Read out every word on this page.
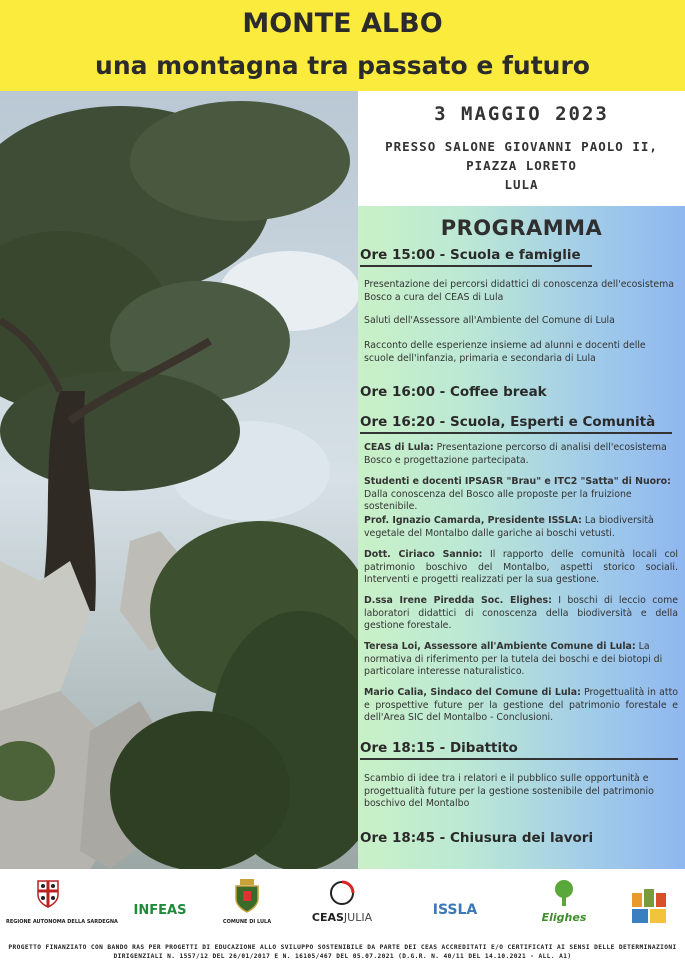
MONTE ALBO
una montagna tra passato e futuro
3 MAGGIO 2023
PRESSO SALONE GIOVANNI PAOLO II,
PIAZZA LORETO
LULA
PROGRAMMA
Ore 15:00 - Scuola e famiglie
Presentazione dei percorsi didattici di conoscenza dell'ecosistema Bosco a cura del CEAS di Lula
Saluti dell'Assessore all'Ambiente del Comune di Lula
Racconto delle esperienze insieme ad alunni e docenti delle scuole dell'infanzia, primaria e secondaria di Lula
Ore 16:00 - Coffee break
Ore 16:20 - Scuola, Esperti e Comunità
CEAS di Lula: Presentazione percorso di analisi dell'ecosistema Bosco e progettazione partecipata.
Studenti e docenti IPSASR "Brau" e ITC2 "Satta" di Nuoro: Dalla conoscenza del Bosco alle proposte per la fruizione sostenibile.
Prof. Ignazio Camarda, Presidente ISSLA: La biodiversità vegetale del Montalbo dalle gariche ai boschi vetusti.
Dott. Ciriaco Sannio: Il rapporto delle comunità locali col patrimonio boschivo del Montalbo, aspetti storico sociali. Interventi e progetti realizzati per la sua gestione.
D.ssa Irene Piredda Soc. Elighes: I boschi di leccio come laboratori didattici di conoscenza della biodiversità e della gestione forestale.
Teresa Loi, Assessore all'Ambiente Comune di Lula: La normativa di riferimento per la tutela dei boschi e dei biotopi di particolare interesse naturalistico.
Mario Calia, Sindaco del Comune di Lula: Progettualità in atto e prospettive future per la gestione del patrimonio forestale e dell'Area SIC del Montalbo - Conclusioni.
Ore 18:15 - Dibattito
Scambio di idee tra i relatori e il pubblico sulle opportunità e progettualità future per la gestione sostenibile del patrimonio boschivo del Montalbo
Ore 18:45 - Chiusura dei lavori
REGIONE AUTONOMA DELLA SARDEGNA
INFEAS
COMUNE DI LULA	CEASJULIA	ISSLA	Elighes
PROGETTO FINANZIATO CON BANDO RAS PER PROGETTI DI EDUCAZIONE ALLO SVILUPPO SOSTENIBILE DA PARTE DEI CEAS ACCREDITATI E/O CERTIFICATI AI SENSI DELLE DETERMINAZIONI DIRIGENZIALI N. 1557/12 DEL 26/01/2017 E N. 16105/467 DEL 05.07.2021 (D.G.R. N. 40/11 DEL 14.10.2021 - ALL. A1)
